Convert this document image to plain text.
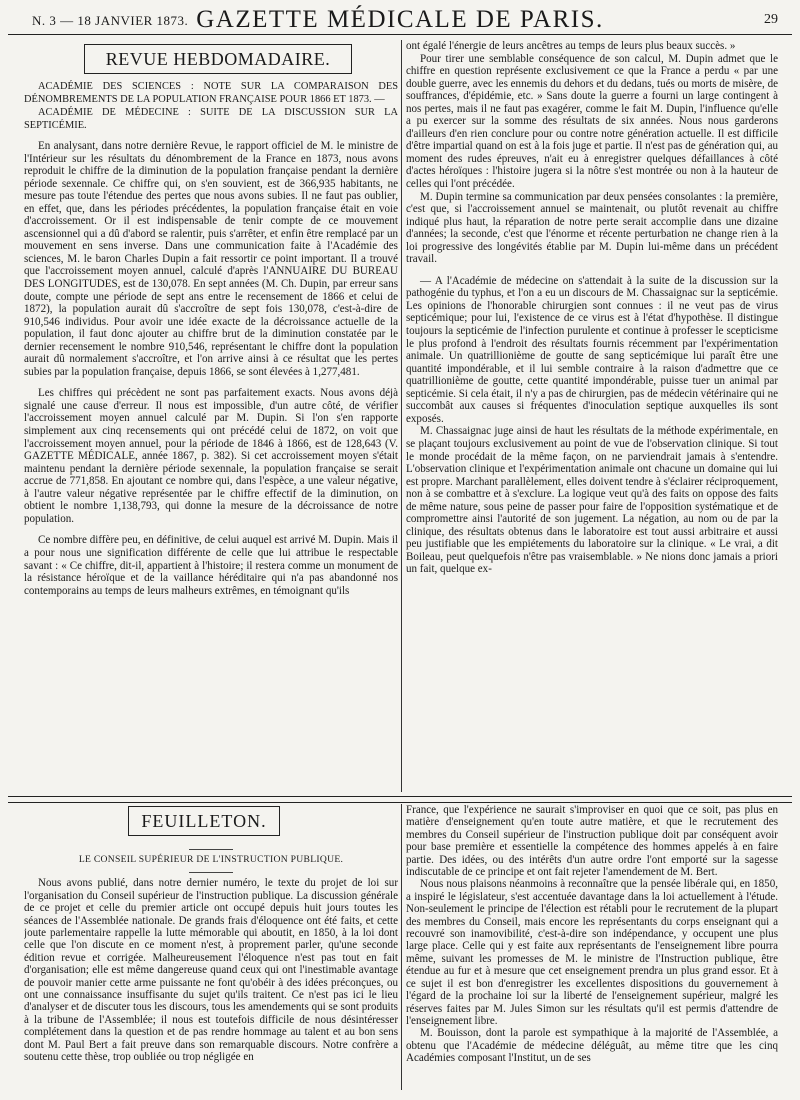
N. 3 — 18 JANVIER 1873. GAZETTE MÉDICALE DE PARIS.	29
REVUE HEBDOMADAIRE.

ACADÉMIE DES SCIENCES : NOTE SUR LA COMPARAISON DES DÉNOMBREMENTS DE LA POPULATION FRANÇAISE POUR 1866 ET 1873. —

ACADÉMIE DE MÉDECINE : SUITE DE LA DISCUSSION SUR LA SEPTICÉMIE.

En analysant, dans notre dernière Revue, le rapport officiel de M. le ministre de l'Intérieur sur les résultats du dénombrement de la France en 1873, nous avons reproduit le chiffre de la diminution de la population française pendant la dernière période sexennale. Ce chiffre qui, on s'en souvient, est de 366,935 habitants, ne mesure pas toute l'étendue des pertes que nous avons subies. Il ne faut pas oublier, en effet, que, dans les périodes précédentes, la population française était en voie d'accroissement. Or il est indispensable de tenir compte de ce mouvement ascensionnel qui a dû d'abord se ralentir, puis s'arrêter, et enfin être remplacé par un mouvement en sens inverse. Dans une communication faite à l'Académie des sciences, M. le baron Charles Dupin a fait ressortir ce point important. Il a trouvé que l'accroissement moyen annuel, calculé d'après l'ANNUAIRE DU BUREAU DES LONGITUDES, est de 130,078. En sept années (M. Ch. Dupin, par erreur sans doute, compte une période de sept ans entre le recensement de 1866 et celui de 1872), la population aurait dû s'accroître de sept fois 130,078, c'est-à-dire de 910,546 individus. Pour avoir une idée exacte de la décroissance actuelle de la population, il faut donc ajouter au chiffre brut de la diminution constatée par le dernier recensement le nombre 910,546, représentant le chiffre dont la population aurait dû normalement s'accroître, et l'on arrive ainsi à ce résultat que les pertes subies par la population française, depuis 1866, se sont élevées à 1,277,481.

Les chiffres qui précèdent ne sont pas parfaitement exacts. Nous avons déjà signalé une cause d'erreur. Il nous est impossible, d'un autre côté, de vérifier l'accroissement moyen annuel calculé par M. Dupin. Si l'on s'en rapporte simplement aux cinq recensements qui ont précédé celui de 1872, on voit que l'accroissement moyen annuel, pour la période de 1846 à 1866, est de 128,643 (V. GAZETTE MÉDICALE, année 1867, p. 382). Si cet accroissement moyen s'était maintenu pendant la dernière période sexennale, la population française se serait accrue de 771,858. En ajoutant ce nombre qui, dans l'espèce, a une valeur négative, à l'autre valeur négative représentée par le chiffre effectif de la diminution, on obtient le nombre 1,138,793, qui donne la mesure de la décroissance de notre population.

Ce nombre diffère peu, en définitive, de celui auquel est arrivé M. Dupin. Mais il a pour nous une signification différente de celle que lui attribue le respectable savant : « Ce chiffre, dit-il, appartient à l'histoire; il restera comme un monument de la résistance héroïque et de la vaillance héréditaire qui n'a pas abandonné nos contemporains au temps de leurs malheurs extrêmes, en témoignant qu'ils

ont égalé l'énergie de leurs ancêtres au temps de leurs plus beaux succès. »

Pour tirer une semblable conséquence de son calcul, M. Dupin admet que le chiffre en question représente exclusivement ce que la France a perdu « par une double guerre, avec les ennemis du dehors et du dedans, tués ou morts de misère, de souffrances, d'épidémie, etc. » Sans doute la guerre a fourni un large contingent à nos pertes, mais il ne faut pas exagérer, comme le fait M. Dupin, l'influence qu'elle a pu exercer sur la somme des résultats de six années. Nous nous garderons d'ailleurs d'en rien conclure pour ou contre notre génération actuelle. Il est difficile d'être impartial quand on est à la fois juge et partie. Il n'est pas de génération qui, au moment des rudes épreuves, n'ait eu à enregistrer quelques défaillances à côté d'actes héroïques : l'histoire jugera si la nôtre s'est montrée ou non à la hauteur de celles qui l'ont précédée.

M. Dupin termine sa communication par deux pensées consolantes : la première, c'est que, si l'accroissement annuel se maintenait, ou plutôt revenait au chiffre indiqué plus haut, la réparation de notre perte serait accomplie dans une dizaine d'années; la seconde, c'est que l'énorme et récente perturbation ne change rien à la loi progressive des longévités établie par M. Dupin lui-même dans un précédent travail.

— A l'Académie de médecine on s'attendait à la suite de la discussion sur la pathogénie du typhus, et l'on a eu un discours de M. Chassaignac sur la septicémie. Les opinions de l'honorable chirurgien sont connues : il ne veut pas de virus septicémique; pour lui, l'existence de ce virus est à l'état d'hypothèse. Il distingue toujours la septicémie de l'infection purulente et continue à professer le scepticisme le plus profond à l'endroit des résultats fournis récemment par l'expérimentation animale. Un quatrillionième de goutte de sang septicémique lui paraît être une quantité impondérable, et il lui semble contraire à la raison d'admettre que ce quatrillionième de goutte, cette quantité impondérable, puisse tuer un animal par septicémie. Si cela était, il n'y a pas de chirurgien, pas de médecin vétérinaire qui ne succombât aux causes si fréquentes d'inoculation septique auxquelles ils sont exposés.

M. Chassaignac juge ainsi de haut les résultats de la méthode expérimentale, en se plaçant toujours exclusivement au point de vue de l'observation clinique. Si tout le monde procédait de la même façon, on ne parviendrait jamais à s'entendre. L'observation clinique et l'expérimentation animale ont chacune un domaine qui lui est propre. Marchant parallèlement, elles doivent tendre à s'éclairer réciproquement, non à se combattre et à s'exclure. La logique veut qu'à des faits on oppose des faits de même nature, sous peine de passer pour faire de l'opposition systématique et de compromettre ainsi l'autorité de son jugement. La négation, au nom ou de par la clinique, des résultats obtenus dans le laboratoire est tout aussi arbitraire et aussi peu justifiable que les empiétements du laboratoire sur la clinique. « Le vrai, a dit Boileau, peut quelquefois n'être pas vraisemblable. » Ne nions donc jamais a priori un fait, quelque ex-

FEUILLETON.
LE CONSEIL SUPÉRIEUR DE L'INSTRUCTION PUBLIQUE.

Nous avons publié, dans notre dernier numéro, le texte du projet de loi sur l'organisation du Conseil supérieur de l'instruction publique. La discussion générale de ce projet et celle du premier article ont occupé depuis huit jours toutes les séances de l'Assemblée nationale. De grands frais d'éloquence ont été faits, et cette joute parlementaire rappelle la lutte mémorable qui aboutit, en 1850, à la loi dont celle que l'on discute en ce moment n'est, à proprement parler, qu'une seconde édition revue et corrigée. Malheureusement l'éloquence n'est pas tout en fait d'organisation; elle est même dangereuse quand ceux qui ont l'inestimable avantage de pouvoir manier cette arme puissante ne font qu'obéir à des idées préconçues, ou ont une connaissance insuffisante du sujet qu'ils traitent. Ce n'est pas ici le lieu d'analyser et de discuter tous les discours, tous les amendements qui se sont produits à la tribune de l'Assemblée; il nous est toutefois difficile de nous désintéresser complétement dans la question et de pas rendre hommage au talent et au bon sens dont M. Paul Bert a fait preuve dans son remarquable discours. Notre confrère a soutenu cette thèse, trop oubliée ou trop négligée en

France, que l'expérience ne saurait s'improviser en quoi que ce soit, pas plus en matière d'enseignement qu'en toute autre matière, et que le recrutement des membres du Conseil supérieur de l'instruction publique doit par conséquent avoir pour base première et essentielle la compétence des hommes appelés à en faire partie. Des idées, ou des intérêts d'un autre ordre l'ont emporté sur la sagesse indiscutable de ce principe et ont fait rejeter l'amendement de M. Bert.

Nous nous plaisons néanmoins à reconnaître que la pensée libérale qui, en 1850, a inspiré le législateur, s'est accentuée davantage dans la loi actuellement à l'étude. Non-seulement le principe de l'élection est rétabli pour le recrutement de la plupart des membres du Conseil, mais encore les représentants du corps enseignant qui a recouvré son inamovibilité, c'est-à-dire son indépendance, y occupent une plus large place. Celle qui y est faite aux représentants de l'enseignement libre pourra même, suivant les promesses de M. le ministre de l'Instruction publique, être étendue au fur et à mesure que cet enseignement prendra un plus grand essor. Et à ce sujet il est bon d'enregistrer les excellentes dispositions du gouvernement à l'égard de la prochaine loi sur la liberté de l'enseignement supérieur, malgré les réserves faites par M. Jules Simon sur les résultats qu'il est permis d'attendre de l'enseignement libre.

M. Bouisson, dont la parole est sympathique à la majorité de l'Assemblée, a obtenu que l'Académie de médecine déléguât, au même titre que les cinq Académies composant l'Institut, un de ses
